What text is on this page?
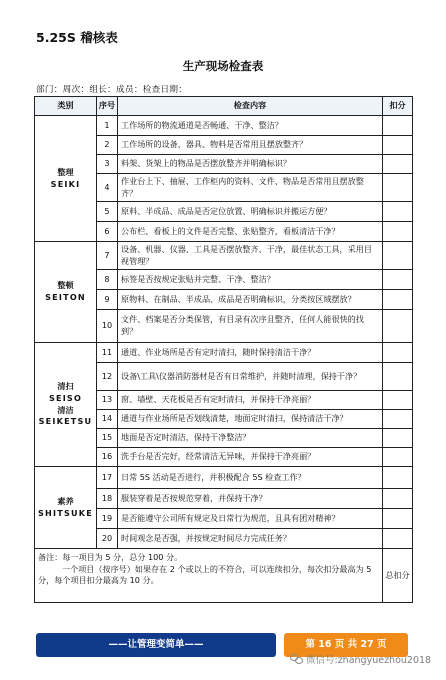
5.25S 稽核表
生产现场检查表
部门：周次：组长：成员：检查日期：
类别	序号	检查内容	扣分
整理
SEIKI	1	工作场所的物流通道是否畅通、干净、整洁？	
	2	工作场所的设备、器具、物料是否常用且摆放整齐？	
	3	料架、货架上的物品是否摆放整齐并明确标识？	
	4	作业台上下、抽屉、工作柜内的资料、文件、物品是否常用且摆放整齐？	
	5	原料、半成品、成品是否定位放置、明确标识并搬运方便？	
	6	公布栏、看板上的文件是否完整、张贴整齐，看板清洁干净？	
整顿
SEITON	7	设备、机器、仪器、工具是否摆放整齐、干净，最佳状态工具，采用目视管理？	
	8	标签是否按规定张贴并完整、干净、整洁？	
	9	原物料、在制品、半成品、成品是否明确标识，分类按区域摆放？	
	10	文件、档案是否分类保管，有目录有次序且整齐，任何人能很快的找到？	
清扫
SEISO
清洁
SEIKETSU	11	通道、作业场所是否有定时清扫，随时保持清洁干净？	
	12	设备\工具\仪器消防器材是否有日常维护，并随时清理，保持干净？	
	13	窗、墙壁、天花板是否有定时清扫，并保持干净亮丽？	
	14	通道与作业场所是否划线清楚，地面定时清扫，保持清洁干净？	
	15	地面是否定时清洁，保持干净整洁？	
	16	洗手台是否完好，经常清洁无异味，并保持干净亮丽？	
素养
SHITSUKE	17	日常 5S 活动是否进行，并积极配合 5S 检查工作？	
	18	服装穿着是否按规范穿着，并保持干净？	
	19	是否能遵守公司所有规定及日常行为规范，且具有团对精神？	
	20	时间观念是否强，并按规定时间尽力完成任务？	

备注：每一项目为 5 分，总分 100 分。
一个项目（按序号）如果存在 2 个或以上的不符合，可以连续扣分，每次扣分最高为 5 分，每个项目扣分最高为 10 分。			总扣分
——让管理变简单——	第 16 页 共 27 页
微信号:zhangyuezhou2018
